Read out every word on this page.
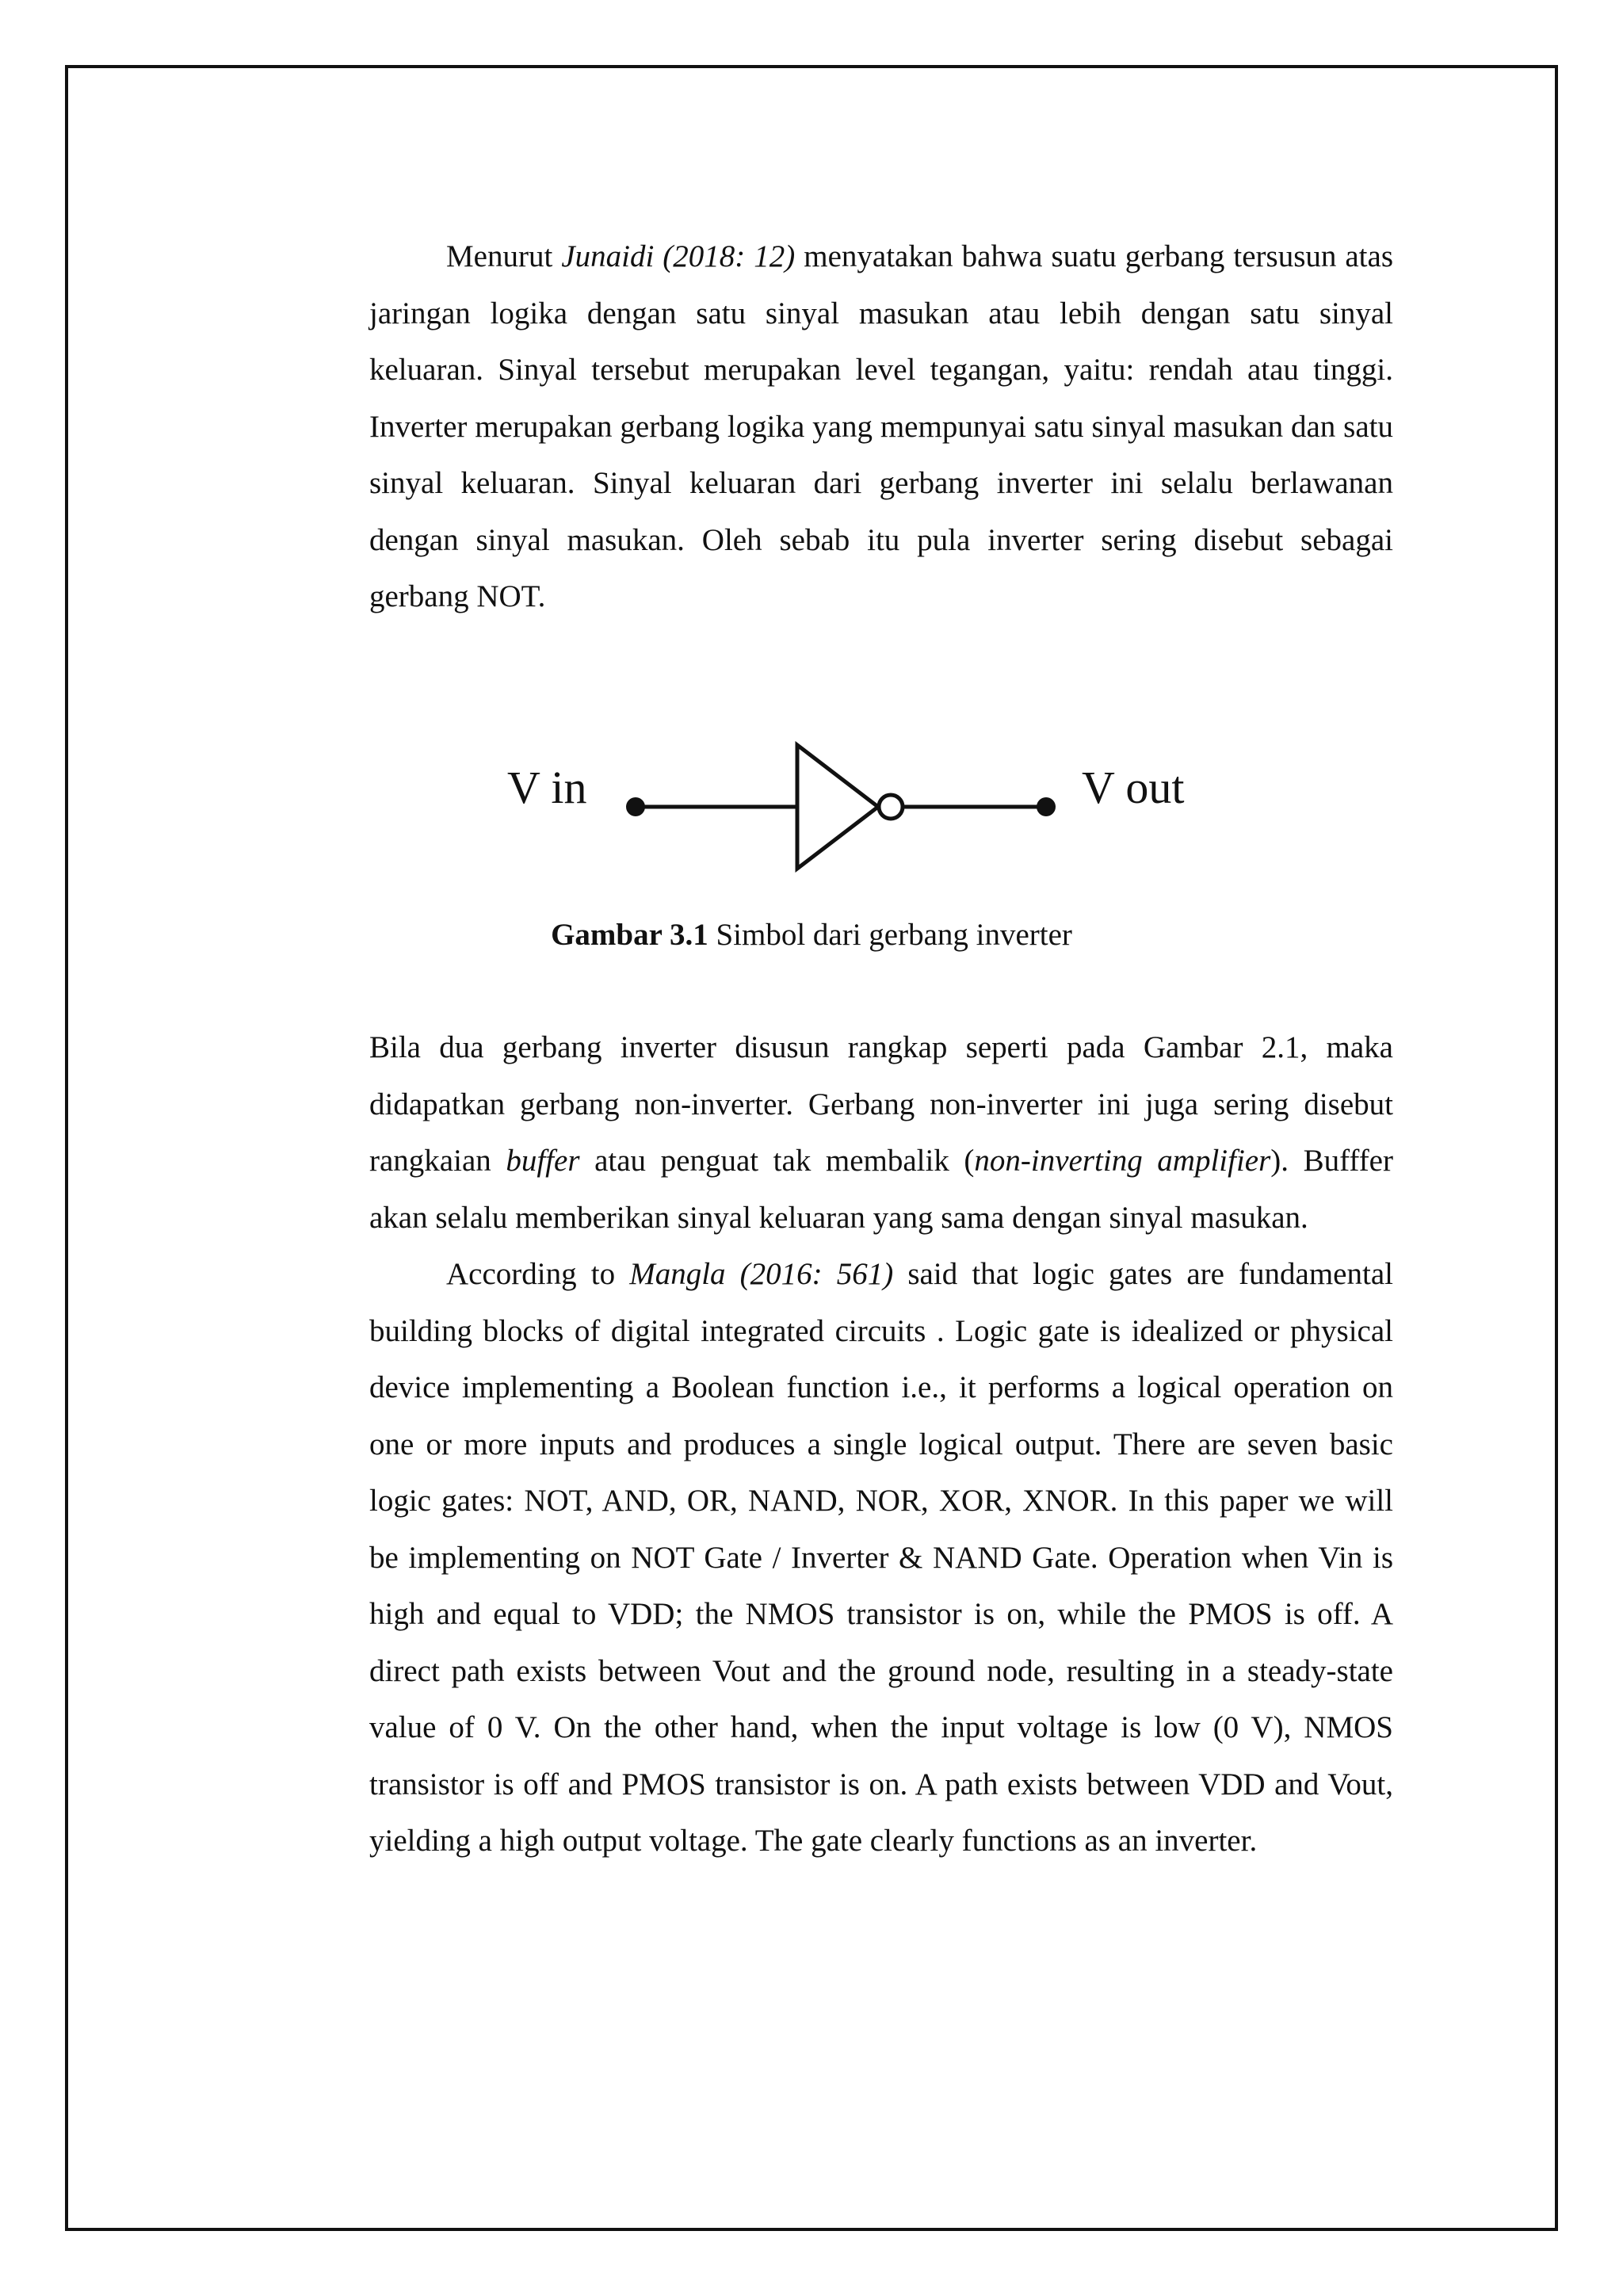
Menurut Junaidi (2018: 12) menyatakan bahwa suatu gerbang tersusun atas jaringan logika dengan satu sinyal masukan atau lebih dengan satu sinyal keluaran. Sinyal tersebut merupakan level tegangan, yaitu: rendah atau tinggi. Inverter merupakan gerbang logika yang mempunyai satu sinyal masukan dan satu sinyal keluaran. Sinyal keluaran dari gerbang inverter ini selalu berlawanan dengan sinyal masukan. Oleh sebab itu pula inverter sering disebut sebagai gerbang NOT.

V in	V out
Gambar 3.1 Simbol dari gerbang inverter

Bila dua gerbang inverter disusun rangkap seperti pada Gambar 2.1, maka didapatkan gerbang non-inverter. Gerbang non-inverter ini juga sering disebut rangkaian buffer atau penguat tak membalik (non-inverting amplifier). Bufffer akan selalu memberikan sinyal keluaran yang sama dengan sinyal masukan.

According to Mangla (2016: 561) said that logic gates are fundamental building blocks of digital integrated circuits . Logic gate is idealized or physical device implementing a Boolean function i.e., it performs a logical operation on one or more inputs and produces a single logical output. There are seven basic logic gates: NOT, AND, OR, NAND, NOR, XOR, XNOR. In this paper we will be implementing on NOT Gate / Inverter & NAND Gate. Operation when Vin is high and equal to VDD; the NMOS transistor is on, while the PMOS is off. A direct path exists between Vout and the ground node, resulting in a steady-state value of 0 V. On the other hand, when the input voltage is low (0 V), NMOS transistor is off and PMOS transistor is on. A path exists between VDD and Vout, yielding a high output voltage. The gate clearly functions as an inverter.
